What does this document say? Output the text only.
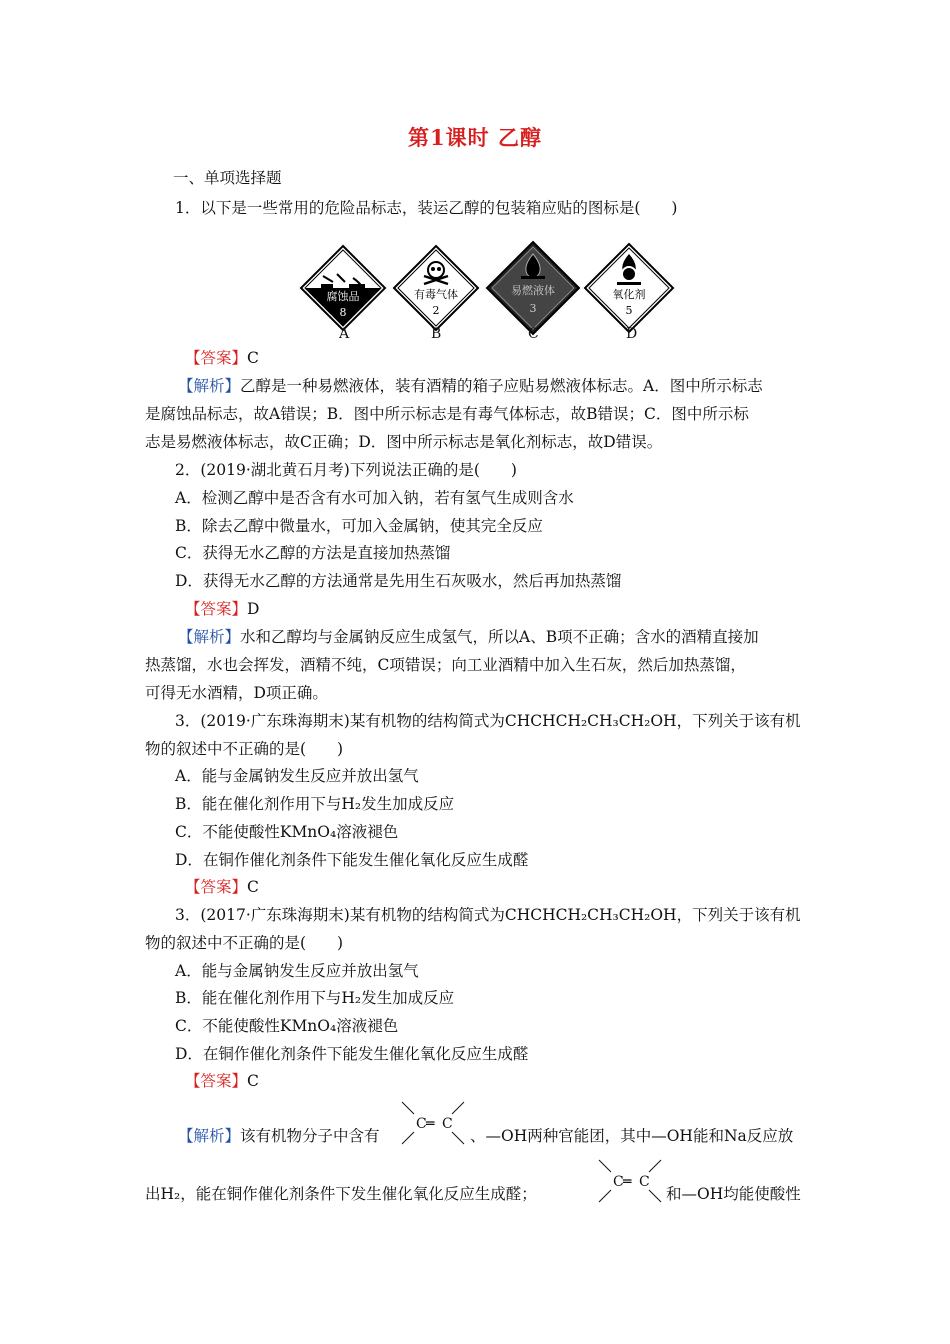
第1课时 乙醇
一、单项选择题
1．以下是一些常用的危险品标志，装运乙醇的包装箱应贴的图标是(　　)
腐蚀品
8
有毒气体
2
易燃液体
3
氧化剂
5
A	B	C	D
【答案】C
【解析】乙醇是一种易燃液体，装有酒精的箱子应贴易燃液体标志。A．图中所示标志
是腐蚀品标志，故A错误；B．图中所示标志是有毒气体标志，故B错误；C．图中所示标
志是易燃液体标志，故C正确；D．图中所示标志是氧化剂标志，故D错误。
2．(2019·湖北黄石月考)下列说法正确的是(　　)
A．检测乙醇中是否含有水可加入钠，若有氢气生成则含水
B．除去乙醇中微量水，可加入金属钠，使其完全反应
C．获得无水乙醇的方法是直接加热蒸馏
D．获得无水乙醇的方法通常是先用生石灰吸水，然后再加热蒸馏
【答案】D
【解析】水和乙醇均与金属钠反应生成氢气，所以A、B项不正确；含水的酒精直接加
热蒸馏，水也会挥发，酒精不纯，C项错误；向工业酒精中加入生石灰，然后加热蒸馏，
可得无水酒精，D项正确。
3．(2019·广东珠海期末)某有机物的结构简式为CHCHCH₂CH₃CH₂OH，下列关于该有机
物的叙述中不正确的是(　　)
A．能与金属钠发生反应并放出氢气
B．能在催化剂作用下与H₂发生加成反应
C．不能使酸性KMnO₄溶液褪色
D．在铜作催化剂条件下能发生催化氧化反应生成醛
【答案】C
3．(2017·广东珠海期末)某有机物的结构简式为CHCHCH₂CH₃CH₂OH，下列关于该有机
物的叙述中不正确的是(　　)
A．能与金属钠发生反应并放出氢气
B．能在催化剂作用下与H₂发生加成反应
C．不能使酸性KMnO₄溶液褪色
D．在铜作催化剂条件下能发生催化氧化反应生成醛
【答案】C
【解析】该有机物分子中含有
C ═ C
、—OH两种官能团，其中—OH能和Na反应放
出H₂，能在铜作催化剂条件下发生催化氧化反应生成醛；
C ═ C
和—OH均能使酸性
